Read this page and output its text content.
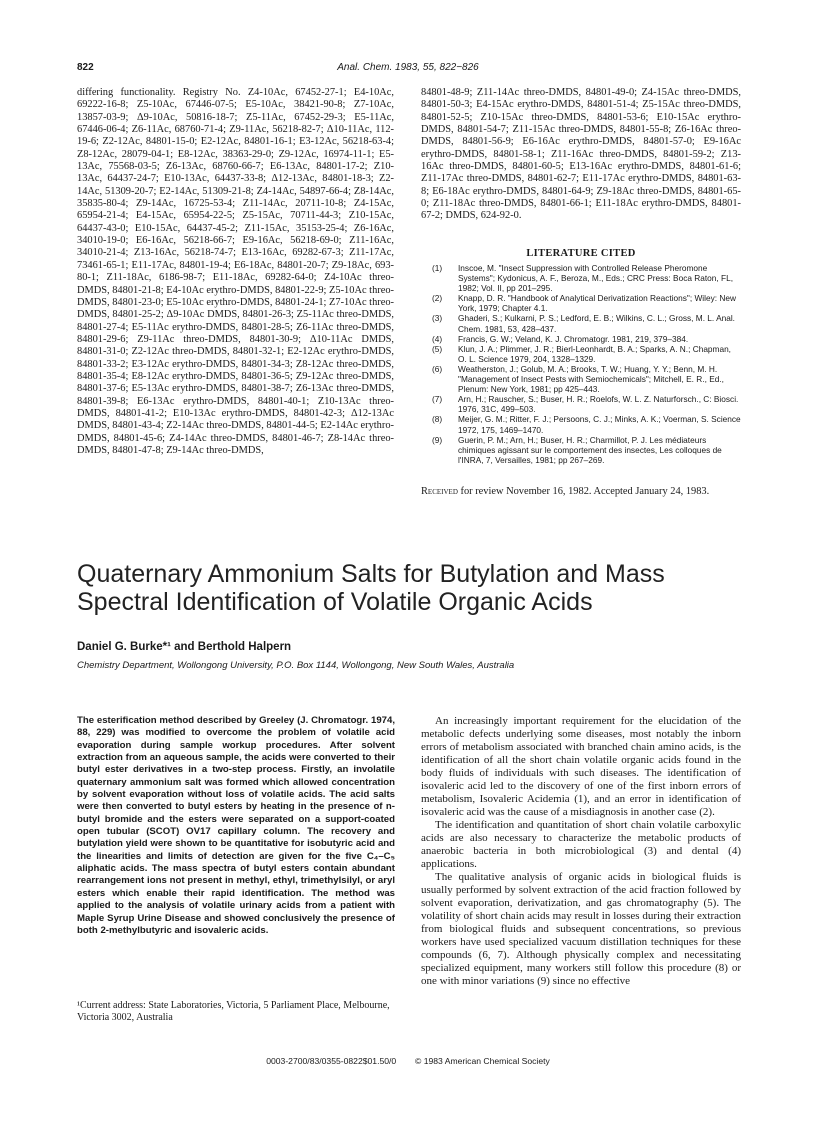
822	Anal. Chem. 1983, 55, 822−826
differing functionality. Registry No. Z4-10Ac, 67452-27-1; E4-10Ac, 69222-16-8; Z5-10Ac, 67446-07-5; E5-10Ac, 38421-90-8; Z7-10Ac, 13857-03-9; Δ9-10Ac, 50816-18-7; Z5-11Ac, 67452-29-3; E5-11Ac, 67446-06-4; Z6-11Ac, 68760-71-4; Z9-11Ac, 56218-82-7; Δ10-11Ac, 112-19-6; Z2-12Ac, 84801-15-0; E2-12Ac, 84801-16-1; E3-12Ac, 56218-63-4; Z8-12Ac, 28079-04-1; E8-12Ac, 38363-29-0; Z9-12Ac, 16974-11-1; E5-13Ac, 75568-03-5; Z6-13Ac, 68760-66-7; E6-13Ac, 84801-17-2; Z10-13Ac, 64437-24-7; E10-13Ac, 64437-33-8; Δ12-13Ac, 84801-18-3; Z2-14Ac, 51309-20-7; E2-14Ac, 51309-21-8; Z4-14Ac, 54897-66-4; Z8-14Ac, 35835-80-4; Z9-14Ac, 16725-53-4; Z11-14Ac, 20711-10-8; Z4-15Ac, 65954-21-4; E4-15Ac, 65954-22-5; Z5-15Ac, 70711-44-3; Z10-15Ac, 64437-43-0; E10-15Ac, 64437-45-2; Z11-15Ac, 35153-25-4; Z6-16Ac, 34010-19-0; E6-16Ac, 56218-66-7; E9-16Ac, 56218-69-0; Z11-16Ac, 34010-21-4; Z13-16Ac, 56218-74-7; E13-16Ac, 69282-67-3; Z11-17Ac, 73461-65-1; E11-17Ac, 84801-19-4; E6-18Ac, 84801-20-7; Z9-18Ac, 693-80-1; Z11-18Ac, 6186-98-7; E11-18Ac, 69282-64-0; Z4-10Ac threo-DMDS, 84801-21-8; E4-10Ac erythro-DMDS, 84801-22-9; Z5-10Ac threo-DMDS, 84801-23-0; E5-10Ac erythro-DMDS, 84801-24-1; Z7-10Ac threo-DMDS, 84801-25-2; Δ9-10Ac DMDS, 84801-26-3; Z5-11Ac threo-DMDS, 84801-27-4; E5-11Ac erythro-DMDS, 84801-28-5; Z6-11Ac threo-DMDS, 84801-29-6; Z9-11Ac threo-DMDS, 84801-30-9; Δ10-11Ac DMDS, 84801-31-0; Z2-12Ac threo-DMDS, 84801-32-1; E2-12Ac erythro-DMDS, 84801-33-2; E3-12Ac erythro-DMDS, 84801-34-3; Z8-12Ac threo-DMDS, 84801-35-4; E8-12Ac erythro-DMDS, 84801-36-5; Z9-12Ac threo-DMDS, 84801-37-6; E5-13Ac erythro-DMDS, 84801-38-7; Z6-13Ac threo-DMDS, 84801-39-8; E6-13Ac erythro-DMDS, 84801-40-1; Z10-13Ac threo-DMDS, 84801-41-2; E10-13Ac erythro-DMDS, 84801-42-3; Δ12-13Ac DMDS, 84801-43-4; Z2-14Ac threo-DMDS, 84801-44-5; E2-14Ac erythro-DMDS, 84801-45-6; Z4-14Ac threo-DMDS, 84801-46-7; Z8-14Ac threo-DMDS, 84801-47-8; Z9-14Ac threo-DMDS,
84801-48-9; Z11-14Ac threo-DMDS, 84801-49-0; Z4-15Ac threo-DMDS, 84801-50-3; E4-15Ac erythro-DMDS, 84801-51-4; Z5-15Ac threo-DMDS, 84801-52-5; Z10-15Ac threo-DMDS, 84801-53-6; E10-15Ac erythro-DMDS, 84801-54-7; Z11-15Ac threo-DMDS, 84801-55-8; Z6-16Ac threo-DMDS, 84801-56-9; E6-16Ac erythro-DMDS, 84801-57-0; E9-16Ac erythro-DMDS, 84801-58-1; Z11-16Ac threo-DMDS, 84801-59-2; Z13-16Ac threo-DMDS, 84801-60-5; E13-16Ac erythro-DMDS, 84801-61-6; Z11-17Ac threo-DMDS, 84801-62-7; E11-17Ac erythro-DMDS, 84801-63-8; E6-18Ac erythro-DMDS, 84801-64-9; Z9-18Ac threo-DMDS, 84801-65-0; Z11-18Ac threo-DMDS, 84801-66-1; E11-18Ac erythro-DMDS, 84801-67-2; DMDS, 624-92-0.
LITERATURE CITED
(1) Inscoe, M. "Insect Suppression with Controlled Release Pheromone Systems"; Kydonicus, A. F., Beroza, M., Eds.; CRC Press: Boca Raton, FL, 1982; Vol. II, pp 201–295.
(2) Knapp, D. R. "Handbook of Analytical Derivatization Reactions"; Wiley: New York, 1979; Chapter 4.1.
(3) Ghaderi, S.; Kulkarni, P. S.; Ledford, E. B.; Wilkins, C. L.; Gross, M. L. Anal. Chem. 1981, 53, 428–437.
(4) Francis, G. W.; Veland, K. J. Chromatogr. 1981, 219, 379–384.
(5) Klun, J. A.; Plimmer, J. R.; Bierl-Leonhardt, B. A.; Sparks, A. N.; Chapman, O. L. Science 1979, 204, 1328–1329.
(6) Weatherston, J.; Golub, M. A.; Brooks, T. W.; Huang, Y. Y.; Benn, M. H. "Management of Insect Pests with Semiochemicals"; Mitchell, E. R., Ed., Plenum: New York, 1981; pp 425–443.
(7) Arn, H.; Rauscher, S.; Buser, H. R.; Roelofs, W. L. Z. Naturforsch., C: Biosci. 1976, 31C, 499–503.
(8) Meijer, G. M.; Ritter, F. J.; Persoons, C. J.; Minks, A. K.; Voerman, S. Science 1972, 175, 1469–1470.
(9) Guerin, P. M.; Arn, H.; Buser, H. R.; Charmillot, P. J. Les médiateurs chimiques agissant sur le comportement des insectes, Les colloques de l'INRA, 7, Versailles, 1981; pp 267–269.
Received for review November 16, 1982. Accepted January 24, 1983.
Quaternary Ammonium Salts for Butylation and Mass Spectral Identification of Volatile Organic Acids
Daniel G. Burke*¹ and Berthold Halpern
Chemistry Department, Wollongong University, P.O. Box 1144, Wollongong, New South Wales, Australia
The esterification method described by Greeley (J. Chromatogr. 1974, 88, 229) was modified to overcome the problem of volatile acid evaporation during sample workup procedures. After solvent extraction from an aqueous sample, the acids were converted to their butyl ester derivatives in a two-step process. Firstly, an involatile quaternary ammonium salt was formed which allowed concentration by solvent evaporation without loss of volatile acids. The acid salts were then converted to butyl esters by heating in the presence of n-butyl bromide and the esters were separated on a support-coated open tubular (SCOT) OV17 capillary column. The recovery and butylation yield were shown to be quantitative for isobutyric acid and the linearities and limits of detection are given for the five C₄–C₅ aliphatic acids. The mass spectra of butyl esters contain abundant rearrangement ions not present in methyl, ethyl, trimethylsilyl, or aryl esters which enable their rapid identification. The method was applied to the analysis of volatile urinary acids from a patient with Maple Syrup Urine Disease and showed conclusively the presence of both 2-methylbutyric and isovaleric acids.
¹Current address: State Laboratories, Victoria, 5 Parliament Place, Melbourne, Victoria 3002, Australia

An increasingly important requirement for the elucidation of the metabolic defects underlying some diseases, most notably the inborn errors of metabolism associated with branched chain amino acids, is the identification of all the short chain volatile organic acids found in the body fluids of individuals with such diseases. The identification of isovaleric acid led to the discovery of one of the first inborn errors of metabolism, Isovaleric Acidemia (1), and an error in identification of isovaleric acid was the cause of a misdiagnosis in another case (2).

The identification and quantitation of short chain volatile carboxylic acids are also necessary to characterize the metabolic products of anaerobic bacteria in both microbiological (3) and dental (4) applications.

The qualitative analysis of organic acids in biological fluids is usually performed by solvent extraction of the acid fraction followed by solvent evaporation, derivatization, and gas chromatography (5). The volatility of short chain acids may result in losses during their extraction from biological fluids and subsequent concentrations, so previous workers have used specialized vacuum distillation techniques for these compounds (6, 7). Although physically complex and necessitating specialized equipment, many workers still follow this procedure (8) or one with minor variations (9) since no effective

0003-2700/83/0355-0822$01.50/0 © 1983 American Chemical Society
